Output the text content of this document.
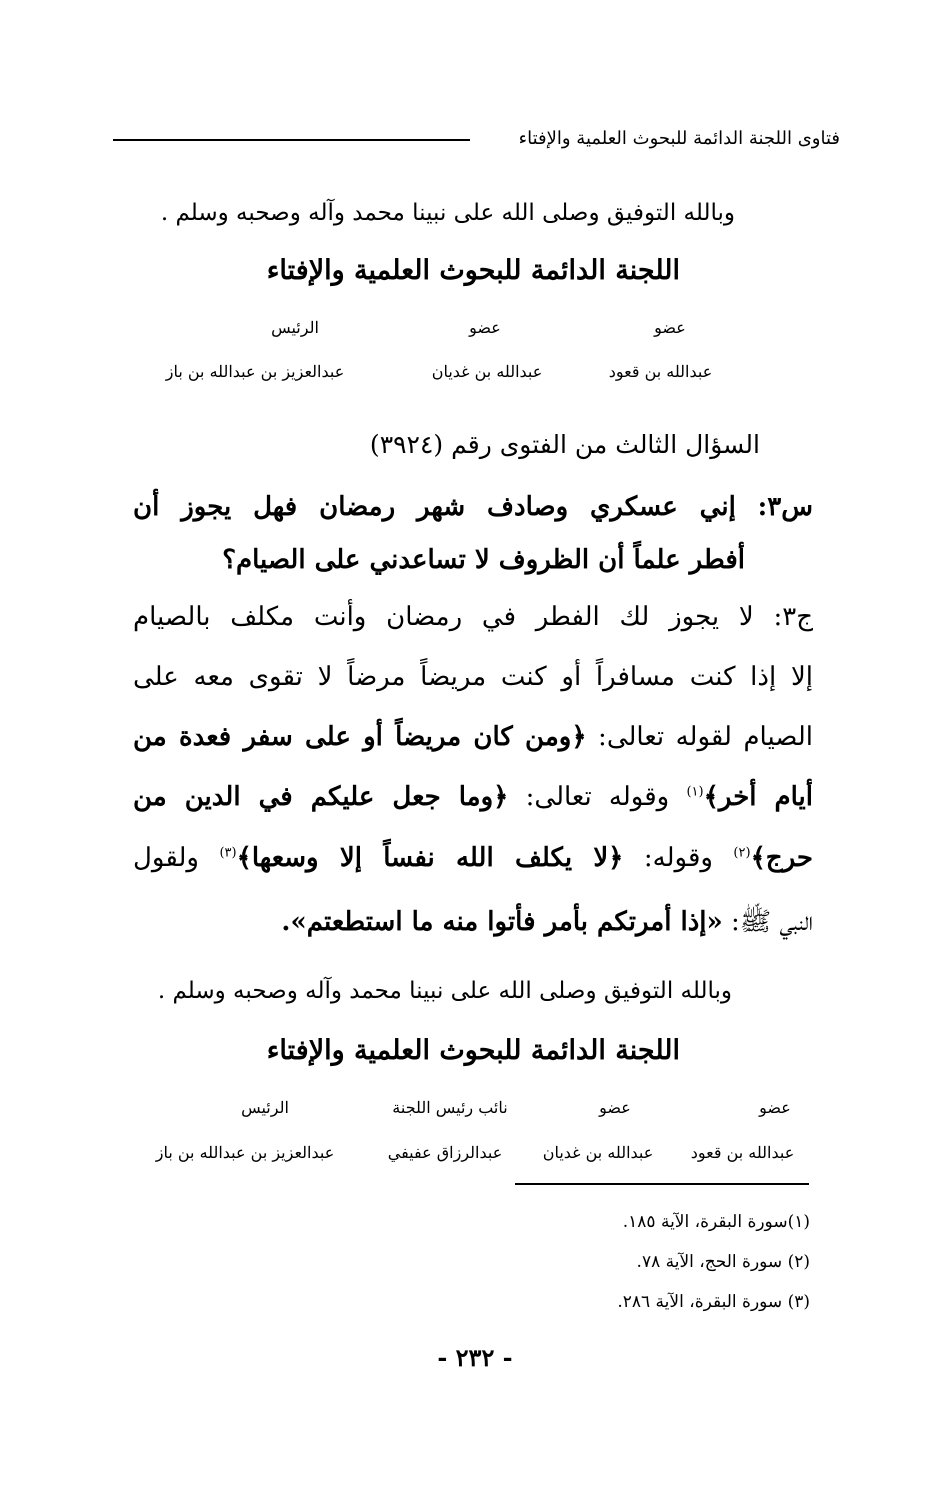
فتاوى اللجنة الدائمة للبحوث العلمية والإفتاء
وبالله التوفيق وصلى الله على نبينا محمد وآله وصحبه وسلم .
اللجنة الدائمة للبحوث العلمية والإفتاء
عضو
عضو
الرئيس
عبدالله بن قعود
عبدالله بن غديان
عبدالعزيز بن عبدالله بن باز
السؤال الثالث من الفتوى رقم (٣٩٢٤)
س٣: إني عسكري وصادف شهر رمضان فهل يجوز أن
أفطر علماً أن الظروف لا تساعدني على الصيام؟
ج٣: لا يجوز لك الفطر في رمضان وأنت مكلف بالصيام
إلا إذا كنت مسافراً أو كنت مريضاً مرضاً لا تقوى معه على
الصيام لقوله تعالى: ﴿ومن كان مريضاً أو على سفر فعدة من
أيام أخر﴾$^{(١)}$ وقوله تعالى: ﴿وما جعل عليكم في الدين من
حرج﴾$^{(٢)}$ وقوله: ﴿لا يكلف الله نفساً إلا وسعها﴾$^{(٣)}$ ولقول
النبي ﷺ: «إذا أمرتكم بأمر فأتوا منه ما استطعتم».
وبالله التوفيق وصلى الله على نبينا محمد وآله وصحبه وسلم .
اللجنة الدائمة للبحوث العلمية والإفتاء
عضو
عضو
نائب رئيس اللجنة
الرئيس
عبدالله بن قعود
عبدالله بن غديان
عبدالرزاق عفيفي
عبدالعزيز بن عبدالله بن باز
(١)سورة البقرة، الآية ١٨٥.
(٢) سورة الحج، الآية ٧٨.
(٣) سورة البقرة، الآية ٢٨٦.
- ٢٣٢ -
